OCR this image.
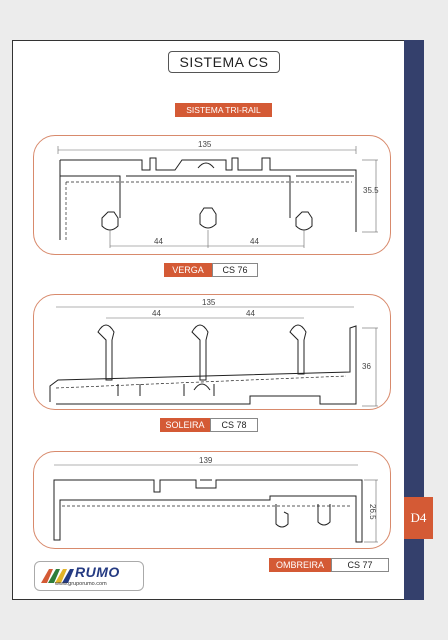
D4
SISTEMA CS
SISTEMA TRI-RAIL
135
44	44
35.5
135
44	44
36
139
26.5
VERGA	CS 76
SOLEIRA	CS 78
OMBREIRA	CS 77
RUMO
www.gruporumo.com
